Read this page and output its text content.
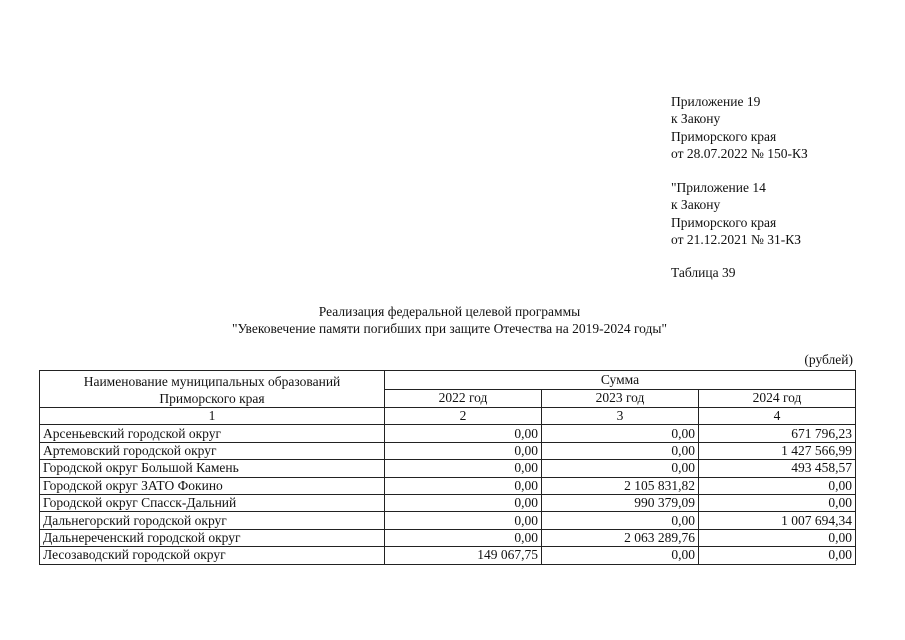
Приложение 19
к Закону
Приморского края
от 28.07.2022 № 150-КЗ
"Приложение 14
к Закону
Приморского края
от 21.12.2021 № 31-КЗ
Таблица 39
Реализация федеральной целевой программы
"Увековечение памяти погибших при защите Отечества на 2019-2024 годы"
(рублей)
Наименование муниципальных образований
Приморского края	Сумма		
	2022 год	2023 год	2024 год
1	2	3	4
Арсеньевский городской округ	0,00	0,00	671 796,23
Артемовский городской округ	0,00	0,00	1 427 566,99
Городской округ Большой Камень	0,00	0,00	493 458,57
Городской округ ЗАТО Фокино	0,00	2 105 831,82	0,00
Городской округ Спасск-Дальний	0,00	990 379,09	0,00
Дальнегорский городской округ	0,00	0,00	1 007 694,34
Дальнереченский городской округ	0,00	2 063 289,76	0,00
Лесозаводский городской округ	149 067,75	0,00	0,00
